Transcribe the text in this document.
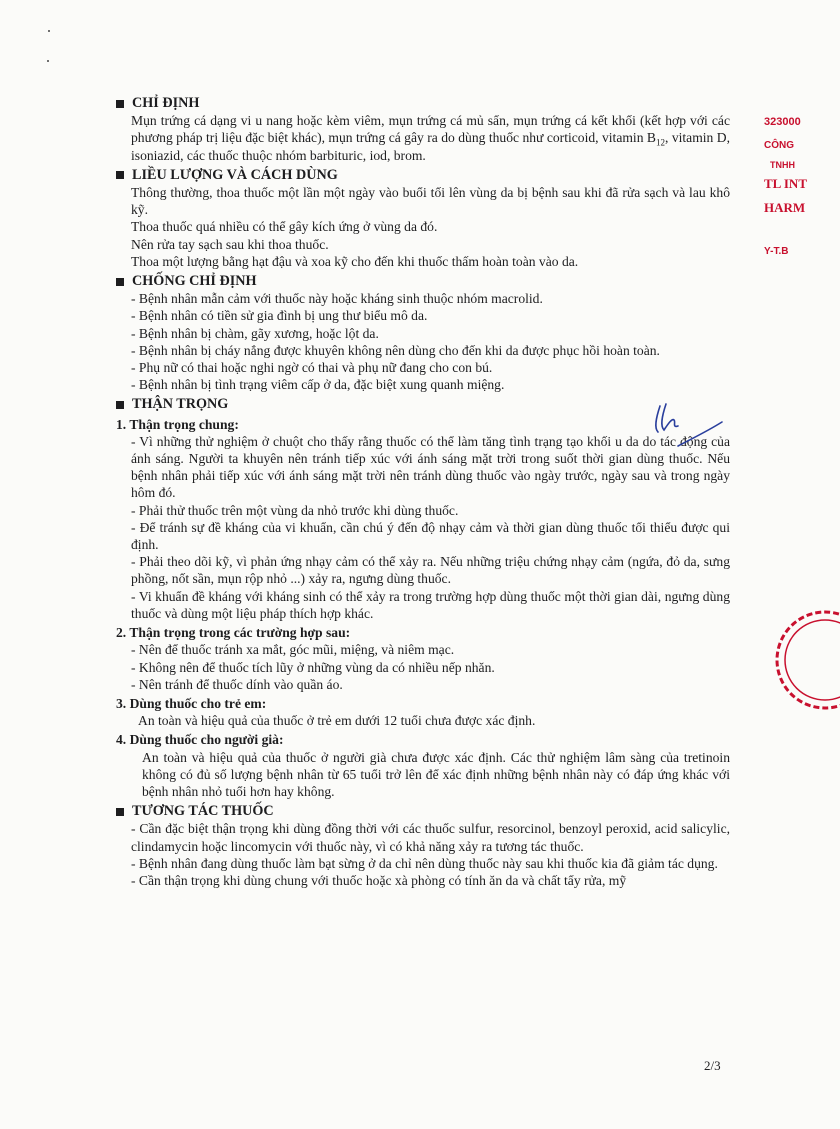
CHỈ ĐỊNH

Mụn trứng cá dạng vi u nang hoặc kèm viêm, mụn trứng cá mủ sẩn, mụn trứng cá kết khối (kết hợp với các phương pháp trị liệu đặc biệt khác), mụn trứng cá gây ra do dùng thuốc như corticoid, vitamin $B_{12}$, vitamin D, isoniazid, các thuốc thuộc nhóm barbituric, iod, brom.

LIỀU LƯỢNG VÀ CÁCH DÙNG

Thông thường, thoa thuốc một lần một ngày vào buổi tối lên vùng da bị bệnh sau khi đã rửa sạch và lau khô kỹ.

Thoa thuốc quá nhiều có thể gây kích ứng ở vùng da đó.

Nên rửa tay sạch sau khi thoa thuốc.

Thoa một lượng bằng hạt đậu và xoa kỹ cho đến khi thuốc thấm hoàn toàn vào da.

CHỐNG CHỈ ĐỊNH

- Bệnh nhân mẫn cảm với thuốc này hoặc kháng sinh thuộc nhóm macrolid.

- Bệnh nhân có tiền sử gia đình bị ung thư biểu mô da.

- Bệnh nhân bị chàm, gãy xương, hoặc lột da.

- Bệnh nhân bị cháy nắng được khuyên không nên dùng cho đến khi da được phục hồi hoàn toàn.

- Phụ nữ có thai hoặc nghi ngờ có thai và phụ nữ đang cho con bú.

- Bệnh nhân bị tình trạng viêm cấp ở da, đặc biệt xung quanh miệng.

THẬN TRỌNG
1. Thận trọng chung:

- Vì những thử nghiệm ở chuột cho thấy rằng thuốc có thể làm tăng tình trạng tạo khối u da do tác động của ánh sáng. Người ta khuyên nên tránh tiếp xúc với ánh sáng mặt trời trong suốt thời gian dùng thuốc. Nếu bệnh nhân phải tiếp xúc với ánh sáng mặt trời nên tránh dùng thuốc vào ngày trước, ngày sau và trong ngày hôm đó.

- Phải thử thuốc trên một vùng da nhỏ trước khi dùng thuốc.

- Để tránh sự đề kháng của vi khuẩn, cần chú ý đến độ nhạy cảm và thời gian dùng thuốc tối thiểu được qui định.

- Phải theo dõi kỹ, vì phản ứng nhạy cảm có thể xảy ra. Nếu những triệu chứng nhạy cảm (ngứa, đỏ da, sưng phồng, nốt sần, mụn rộp nhỏ ...) xảy ra, ngưng dùng thuốc.

- Vi khuẩn đề kháng với kháng sinh có thể xảy ra trong trường hợp dùng thuốc một thời gian dài, ngưng dùng thuốc và dùng một liệu pháp thích hợp khác.

2. Thận trọng trong các trường hợp sau:

- Nên để thuốc tránh xa mắt, góc mũi, miệng, và niêm mạc.

- Không nên để thuốc tích lũy ở những vùng da có nhiều nếp nhăn.

- Nên tránh để thuốc dính vào quần áo.

3. Dùng thuốc cho trẻ em:

An toàn và hiệu quả của thuốc ở trẻ em dưới 12 tuổi chưa được xác định.

4. Dùng thuốc cho người già:

An toàn và hiệu quả của thuốc ở người già chưa được xác định. Các thử nghiệm lâm sàng của tretinoin không có đủ số lượng bệnh nhân từ 65 tuổi trở lên để xác định những bệnh nhân này có đáp ứng khác với bệnh nhân nhỏ tuổi hơn hay không.

TƯƠNG TÁC THUỐC

- Cần đặc biệt thận trọng khi dùng đồng thời với các thuốc sulfur, resorcinol, benzoyl peroxid, acid salicylic, clindamycin hoặc lincomycin với thuốc này, vì có khả năng xảy ra tương tác thuốc.

- Bệnh nhân đang dùng thuốc làm bạt sừng ở da chỉ nên dùng thuốc này sau khi thuốc kia đã giảm tác dụng.

- Cần thận trọng khi dùng chung với thuốc hoặc xà phòng có tính ăn da và chất tẩy rửa, mỹ

323000
CÔNG
TNHH
TL INT
HARM
Y-T.B
2/3
